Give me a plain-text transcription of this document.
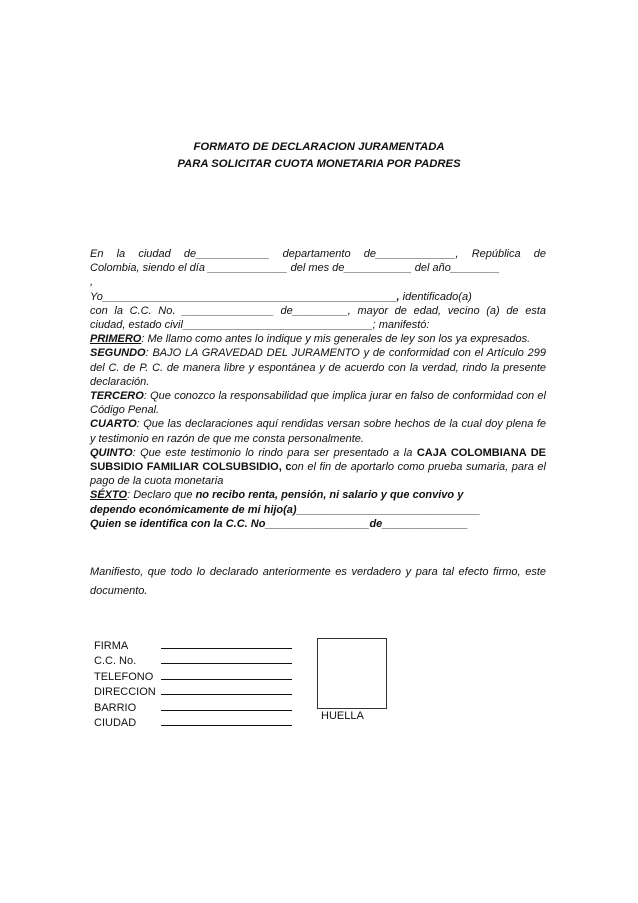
FORMATO DE DECLARACION JURAMENTADA
PARA SOLICITAR CUOTA MONETARIA POR PADRES
En la ciudad de____________ departamento de_____________, República de
Colombia, siendo el día _____________ del mes de___________ del año________
,
Yo________________________________________________, identificado(a)
con la C.C. No. _______________ de_________, mayor de edad, vecino (a) de esta
ciudad, estado civil_______________________________; manifestó:

PRIMERO: Me llamo como antes lo indique y mis generales de ley son los ya expresados.

SEGUNDO: BAJO LA GRAVEDAD DEL JURAMENTO y de conformidad con el Artículo 299 del C. de P. C. de manera libre y espontánea y de acuerdo con la verdad, rindo la presente declaración.

TERCERO: Que conozco la responsabilidad que implica jurar en falso de conformidad con el Código Penal.

CUARTO: Que las declaraciones aquí rendidas versan sobre hechos de la cual doy plena fe y testimonio en razón de que me consta personalmente.

QUINTO: Que este testimonio lo rindo para ser presentado a la CAJA COLOMBIANA DE SUBSIDIO FAMILIAR COLSUBSIDIO, con el fin de aportarlo como prueba sumaria, para el pago de la cuota monetaria

SÉXTO: Declaro que no recibo renta, pensión, ni salario y que convivo y

dependo económicamente de mi hijo(a)______________________________
Quien se identifica con la C.C. No_________________de______________
Manifiesto, que todo lo declarado anteriormente es verdadero y para tal efecto firmo, este documento.
FIRMA
C.C. No.
TELEFONO
DIRECCION
BARRIO
CIUDAD
HUELLA
